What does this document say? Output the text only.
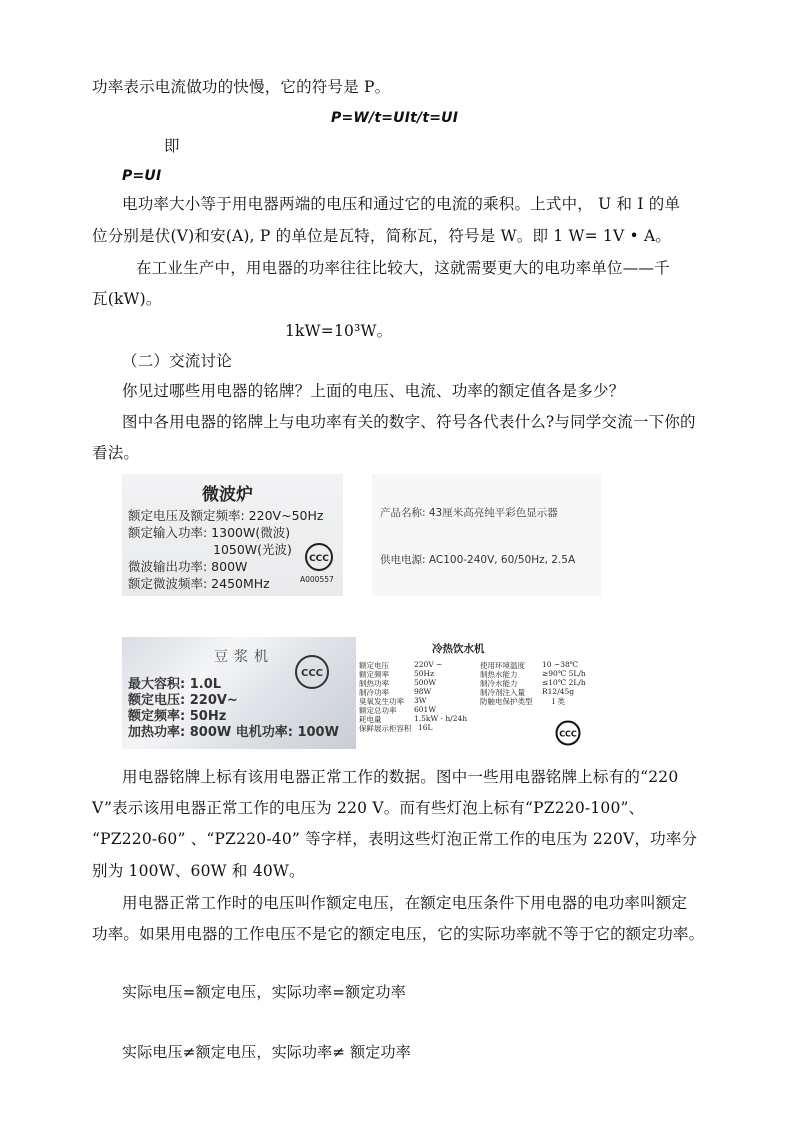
功率表示电流做功的快慢，它的符号是 P。
P=W/t=UIt/t=UI
即
P=UI
电功率大小等于用电器两端的电压和通过它的电流的乘积。上式中， U 和 I 的单
位分别是伏(V)和安(A), P 的单位是瓦特，简称瓦，符号是 W。即 1 W= 1V • A。
在工业生产中，用电器的功率往往比较大，这就需要更大的电功率单位——千
瓦(kW)。
1kW=10³W。
（二）交流讨论
你见过哪些用电器的铭牌？上面的电压、电流、功率的额定值各是多少？
图中各用电器的铭牌上与电功率有关的数字、符号各代表什么?与同学交流一下你的
看法。
微波炉
额定电压及额定频率: 220V~50Hz
额定输入功率: 1300W(微波)
1050W(光波)
微波输出功率: 800W
额定微波频率: 2450MHz
CCC
A000557
产品名称: 43厘米高亮纯平彩色显示器
供电电源: AC100-240V, 60/50Hz, 2.5A
豆浆机
CCC
最大容积: 1.0L
额定电压: 220V~
额定频率: 50Hz
加热功率: 800W 电机功率: 100W
冷热饮水机
额定电压
额定频率
制热功率
制冷功率
臭氧发生功率
额定总功率
耗电量
保鲜展示柜容积
220V ~
50Hz
500W
98W
3W
601W
1.5kW · h/24h
16L
使用环境温度
制热水能力
制冷水能力
制冷剂注入量
防触电保护类型
10 ~38℃
≥90℃ 5L/h
≤10℃ 2L/h
R12/45g
I 类
CCC
用电器铭牌上标有该用电器正常工作的数据。图中一些用电器铭牌上标有的“220
V”表示该用电器正常工作的电压为 220 V。而有些灯泡上标有“PZ220-100”、
“PZ220-60” 、“PZ220-40” 等字样，表明这些灯泡正常工作的电压为 220V，功率分
别为 100W、60W 和 40W。
用电器正常工作时的电压叫作额定电压，在额定电压条件下用电器的电功率叫额定
功率。如果用电器的工作电压不是它的额定电压，它的实际功率就不等于它的额定功率。
实际电压=额定电压，实际功率=额定功率
实际电压≠额定电压，实际功率≠ 额定功率
